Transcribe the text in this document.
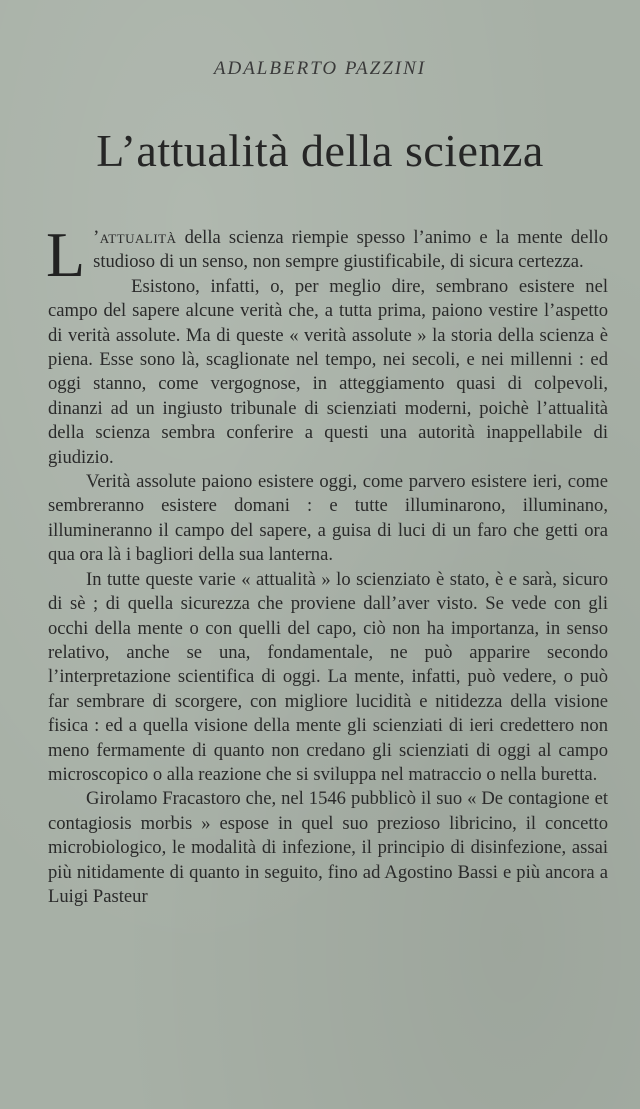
ADALBERTO PAZZINI
L’attualità della scienza

L ’attualità della scienza riempie spesso l’animo e la mente dello studioso di un senso, non sempre giustificabile, di sicura certezza.

Esistono, infatti, o, per meglio dire, sembrano esistere nel campo del sapere alcune verità che, a tutta prima, paiono vestire l’aspetto di verità assolute. Ma di queste « verità assolute » la storia della scienza è piena. Esse sono là, scaglionate nel tempo, nei secoli, e nei millenni : ed oggi stanno, come vergognose, in atteggiamento quasi di colpevoli, dinanzi ad un ingiusto tribunale di scienziati moderni, poichè l’attualità della scienza sembra conferire a questi una autorità inappellabile di giudizio.

Verità assolute paiono esistere oggi, come parvero esistere ieri, come sembreranno esistere domani : e tutte illuminarono, illuminano, illumineranno il campo del sapere, a guisa di luci di un faro che getti ora qua ora là i bagliori della sua lanterna.

In tutte queste varie « attualità » lo scienziato è stato, è e sarà, sicuro di sè ; di quella sicurezza che proviene dall’aver visto. Se vede con gli occhi della mente o con quelli del capo, ciò non ha importanza, in senso relativo, anche se una, fondamentale, ne può apparire secondo l’interpretazione scientifica di oggi. La mente, infatti, può vedere, o può far sembrare di scorgere, con migliore lucidità e nitidezza della visione fisica : ed a quella visione della mente gli scienziati di ieri credettero non meno fermamente di quanto non credano gli scienziati di oggi al campo microscopico o alla reazione che si sviluppa nel matraccio o nella buretta.

Girolamo Fracastoro che, nel 1546 pubblicò il suo « De contagione et contagiosis morbis » espose in quel suo prezioso libricino, il concetto microbiologico, le modalità di infezione, il principio di disinfezione, assai più nitidamente di quanto in seguito, fino ad Agostino Bassi e più ancora a Luigi Pasteur
